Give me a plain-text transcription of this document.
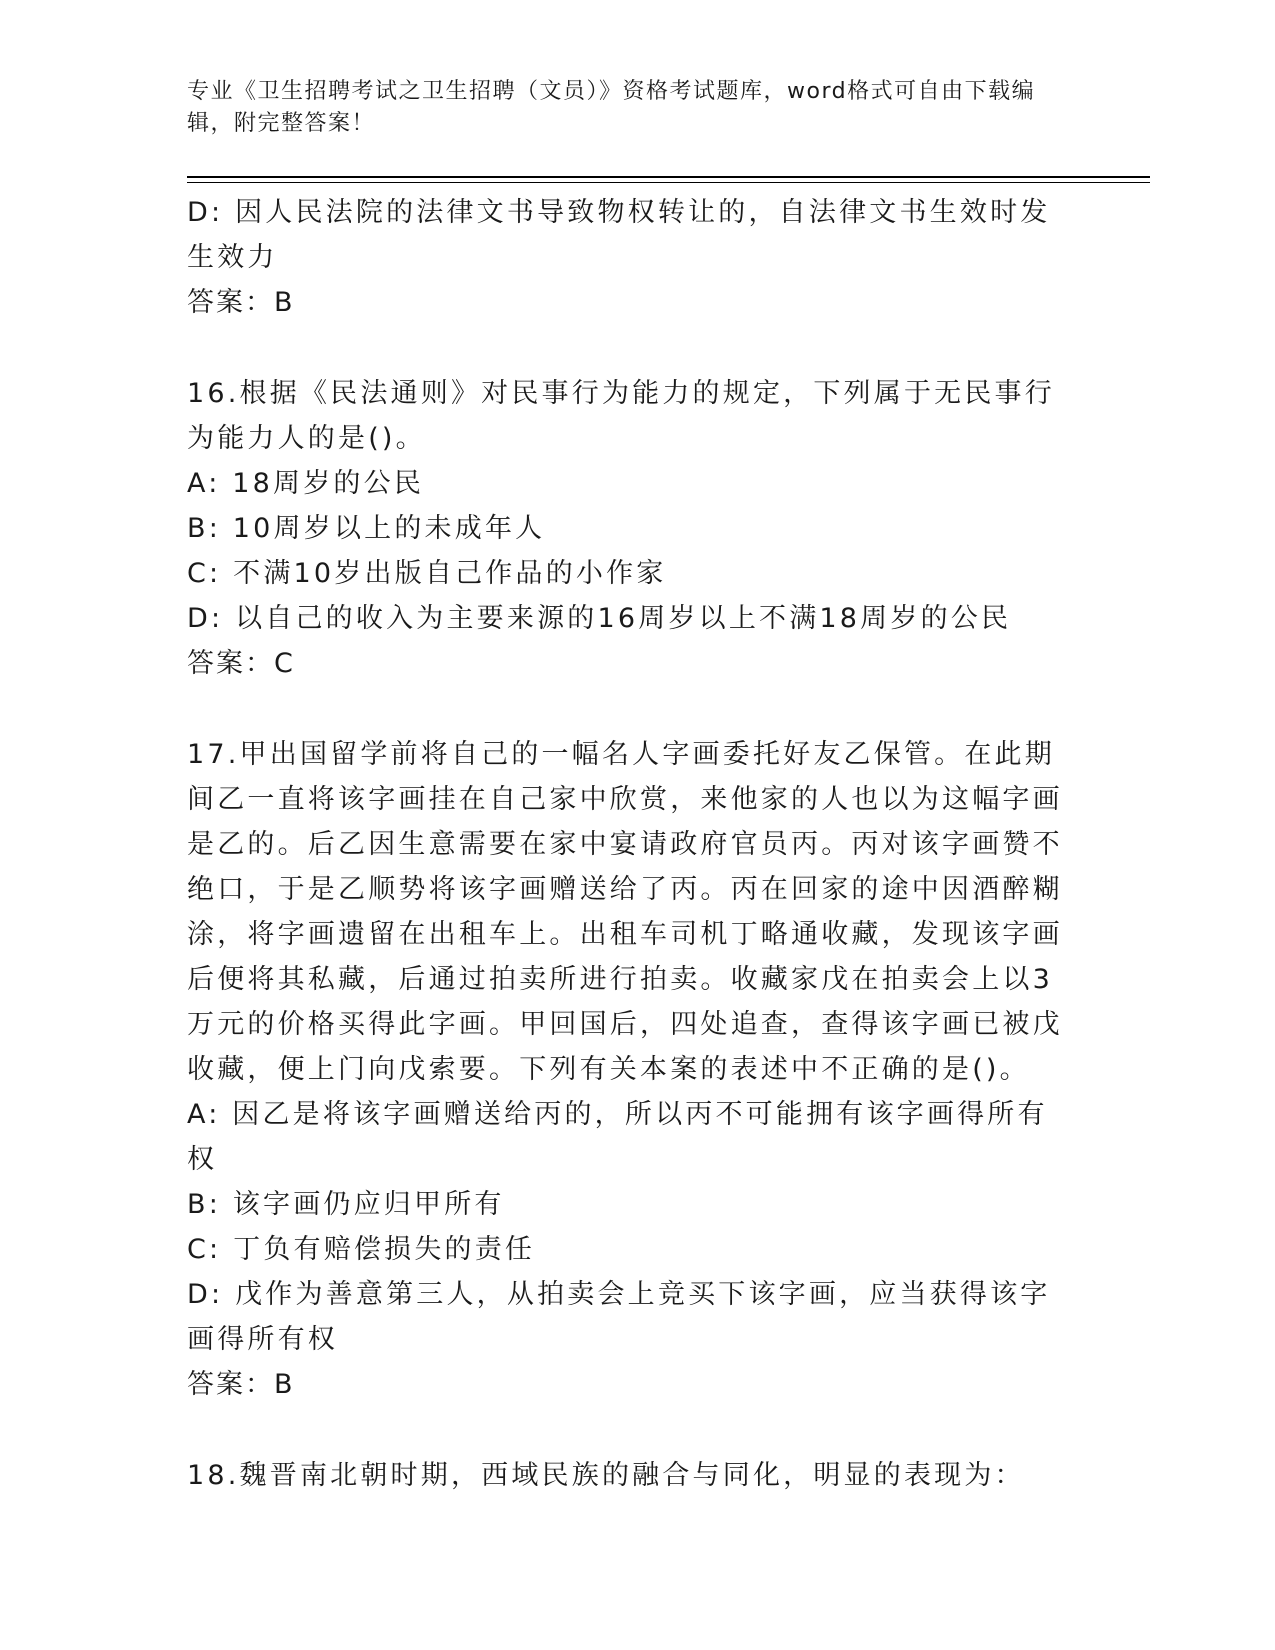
专业《卫生招聘考试之卫生招聘（文员）》资格考试题库，word格式可自由下载编辑，附完整答案！
D: 因人民法院的法律文书导致物权转让的，自法律文书生效时发生效力
答案：B
16.根据《民法通则》对民事行为能力的规定，下列属于无民事行为能力人的是()。
A: 18周岁的公民
B: 10周岁以上的未成年人
C: 不满10岁出版自己作品的小作家
D: 以自己的收入为主要来源的16周岁以上不满18周岁的公民
答案：C
17.甲出国留学前将自己的一幅名人字画委托好友乙保管。在此期间乙一直将该字画挂在自己家中欣赏，来他家的人也以为这幅字画是乙的。后乙因生意需要在家中宴请政府官员丙。丙对该字画赞不绝口，于是乙顺势将该字画赠送给了丙。丙在回家的途中因酒醉糊涂，将字画遗留在出租车上。出租车司机丁略通收藏，发现该字画后便将其私藏，后通过拍卖所进行拍卖。收藏家戊在拍卖会上以3万元的价格买得此字画。甲回国后，四处追查，查得该字画已被戊收藏，便上门向戊索要。下列有关本案的表述中不正确的是()。
A: 因乙是将该字画赠送给丙的，所以丙不可能拥有该字画得所有权
B: 该字画仍应归甲所有
C: 丁负有赔偿损失的责任
D: 戊作为善意第三人，从拍卖会上竞买下该字画，应当获得该字画得所有权
答案：B
18.魏晋南北朝时期，西域民族的融合与同化，明显的表现为：
